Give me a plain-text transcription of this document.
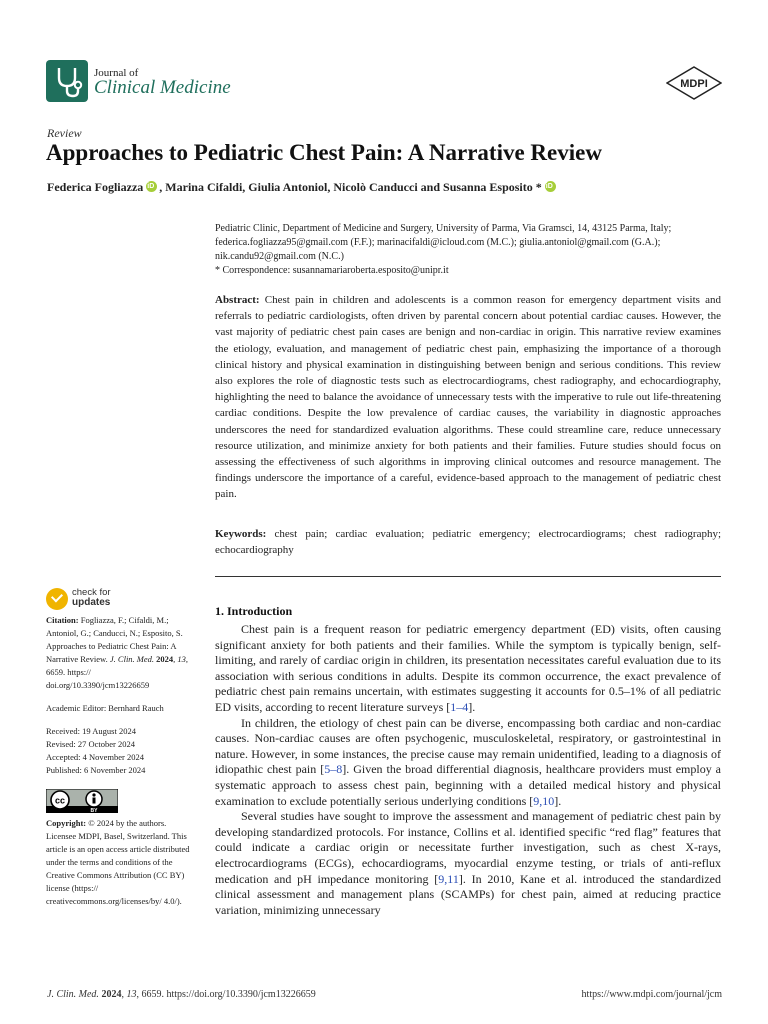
Journal of
Clinical Medicine	MDPI
Review
Approaches to Pediatric Chest Pain: A Narrative Review
Federica FogliazzaiD , Marina Cifaldi, Giulia Antoniol, Nicolò Canducci and Susanna Esposito *iD

Pediatric Clinic, Department of Medicine and Surgery, University of Parma, Via Gramsci, 14, 43125 Parma, Italy;

federica.fogliazza95@gmail.com (F.F.); marinacifaldi@icloud.com (M.C.); giulia.antoniol@gmail.com (G.A.);

nik.candu92@gmail.com (N.C.)

* Correspondence: susannamariaroberta.esposito@unipr.it

Abstract: Chest pain in children and adolescents is a common reason for emergency department visits and referrals to pediatric cardiologists, often driven by parental concern about potential cardiac causes. However, the vast majority of pediatric chest pain cases are benign and non-cardiac in origin. This narrative review examines the etiology, evaluation, and management of pediatric chest pain, emphasizing the importance of a thorough clinical history and physical examination in distinguishing between benign and serious conditions. This review also explores the role of diagnostic tests such as electrocardiograms, chest radiography, and echocardiography, highlighting the need to balance the avoidance of unnecessary tests with the imperative to rule out life-threatening cardiac conditions. Despite the low prevalence of cardiac causes, the variability in diagnostic approaches underscores the need for standardized evaluation algorithms. These could streamline care, reduce unnecessary resource utilization, and minimize anxiety for both patients and their families. Future studies should focus on assessing the effectiveness of such algorithms in improving clinical outcomes and resource management. The findings underscore the importance of a careful, evidence-based approach to the management of pediatric chest pain.
Keywords: chest pain; cardiac evaluation; pediatric emergency; electrocardiograms; chest radiography; echocardiography
check for
updates

Citation: Fogliazza, F.; Cifaldi, M.; Antoniol, G.; Canducci, N.; Esposito, S. Approaches to Pediatric Chest Pain: A Narrative Review. J. Clin. Med. 2024, 13, 6659. https:// doi.org/10.3390/jcm13226659

Academic Editor: Bernhard Rauch

Received: 19 August 2024

Revised: 27 October 2024

Accepted: 4 November 2024

Published: 6 November 2024

cc
BY

Copyright: © 2024 by the authors. Licensee MDPI, Basel, Switzerland. This article is an open access article distributed under the terms and conditions of the Creative Commons Attribution (CC BY) license (https:// creativecommons.org/licenses/by/ 4.0/).

1. Introduction

Chest pain is a frequent reason for pediatric emergency department (ED) visits, often causing significant anxiety for both patients and their families. While the symptom is typically benign, self-limiting, and rarely of cardiac origin in children, its presentation necessitates careful evaluation due to its association with serious conditions in adults. Despite its common occurrence, the exact prevalence of pediatric chest pain remains uncertain, with estimates suggesting it accounts for 0.5–1% of all pediatric ED visits, according to recent literature surveys [1–4].

In children, the etiology of chest pain can be diverse, encompassing both cardiac and non-cardiac causes. Non-cardiac causes are often psychogenic, musculoskeletal, respiratory, or gastrointestinal in nature. However, in some instances, the precise cause may remain unidentified, leading to a diagnosis of idiopathic chest pain [5–8]. Given the broad differential diagnosis, healthcare providers must employ a systematic approach to assess chest pain, beginning with a detailed medical history and physical examination to exclude potentially serious underlying conditions [9,10].

Several studies have sought to improve the assessment and management of pediatric chest pain by developing standardized protocols. For instance, Collins et al. identified specific “red flag” features that could indicate a cardiac origin or necessitate further investigation, such as chest X-rays, electrocardiograms (ECGs), echocardiograms, myocardial enzyme testing, or trials of anti-reflux medication and pH impedance monitoring [9,11]. In 2010, Kane et al. introduced the standardized clinical assessment and management plans (SCAMPs) for chest pain, aimed at reducing practice variation, minimizing unnecessary

J. Clin. Med. 2024, 13, 6659. https://doi.org/10.3390/jcm13226659	https://www.mdpi.com/journal/jcm
